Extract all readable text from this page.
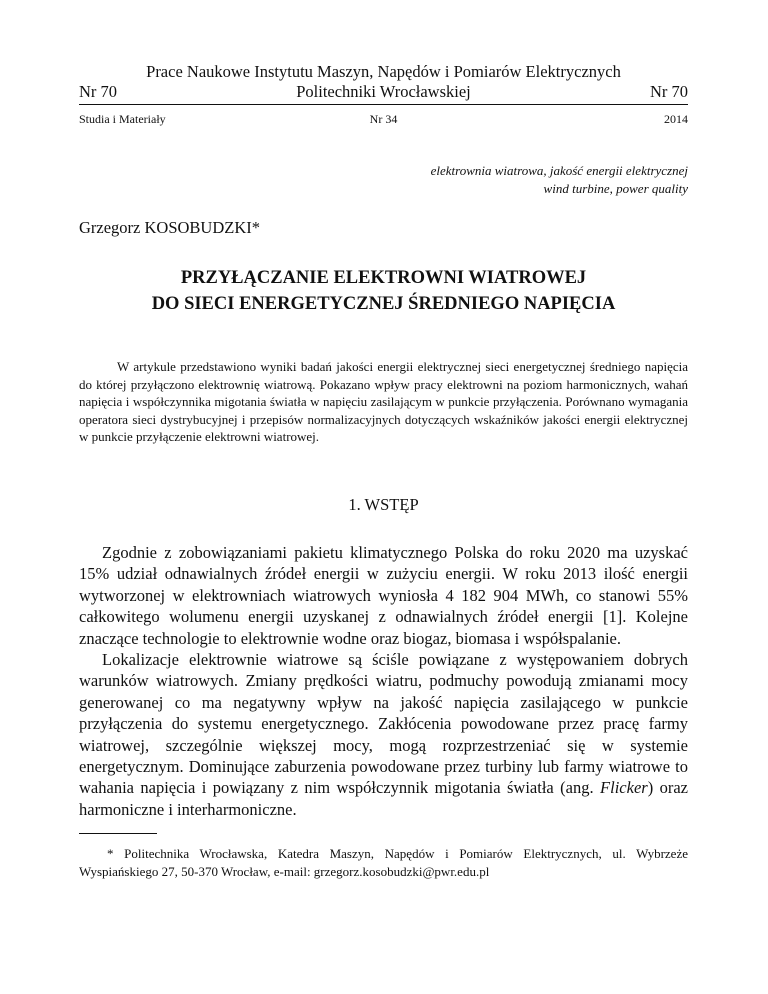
Prace Naukowe Instytutu Maszyn, Napędów i Pomiarów Elektrycznych
Nr 70	Politechniki Wrocławskiej	Nr 70
Studia i Materiały	Nr 34	2014
elektrownia wiatrowa, jakość energii elektrycznej
wind turbine, power quality
Grzegorz KOSOBUDZKI*
PRZYŁĄCZANIE ELEKTROWNI WIATROWEJ
DO SIECI ENERGETYCZNEJ ŚREDNIEGO NAPIĘCIA

W artykule przedstawiono wyniki badań jakości energii elektrycznej sieci energetycznej średniego napięcia do której przyłączono elektrownię wiatrową. Pokazano wpływ pracy elektrowni na poziom harmonicznych, wahań napięcia i współczynnika migotania światła w napięciu zasilającym w punkcie przyłączenia. Porównano wymagania operatora sieci dystrybucyjnej i przepisów normalizacyjnych dotyczących wskaźników jakości energii elektrycznej w punkcie przyłączenie elektrowni wiatrowej.

1. WSTĘP

Zgodnie z zobowiązaniami pakietu klimatycznego Polska do roku 2020 ma uzyskać 15% udział odnawialnych źródeł energii w zużyciu energii. W roku 2013 ilość energii wytworzonej w elektrowniach wiatrowych wyniosła 4 182 904 MWh, co stanowi 55% całkowitego wolumenu energii uzyskanej z odnawialnych źródeł energii [1]. Kolejne znaczące technologie to elektrownie wodne oraz biogaz, biomasa i współspalanie.

Lokalizacje elektrownie wiatrowe są ściśle powiązane z występowaniem dobrych warunków wiatrowych. Zmiany prędkości wiatru, podmuchy powodują zmianami mocy generowanej co ma negatywny wpływ na jakość napięcia zasilającego w punkcie przyłączenia do systemu energetycznego. Zakłócenia powodowane przez pracę farmy wiatrowej, szczególnie większej mocy, mogą rozprzestrzeniać się w systemie energetycznym. Dominujące zaburzenia powodowane przez turbiny lub farmy wiatrowe to wahania napięcia i powiązany z nim współczynnik migotania światła (ang. Flicker) oraz harmoniczne i interharmoniczne.

* Politechnika Wrocławska, Katedra Maszyn, Napędów i Pomiarów Elektrycznych, ul. Wybrzeże Wyspiańskiego 27, 50-370 Wrocław, e-mail: grzegorz.kosobudzki@pwr.edu.pl
